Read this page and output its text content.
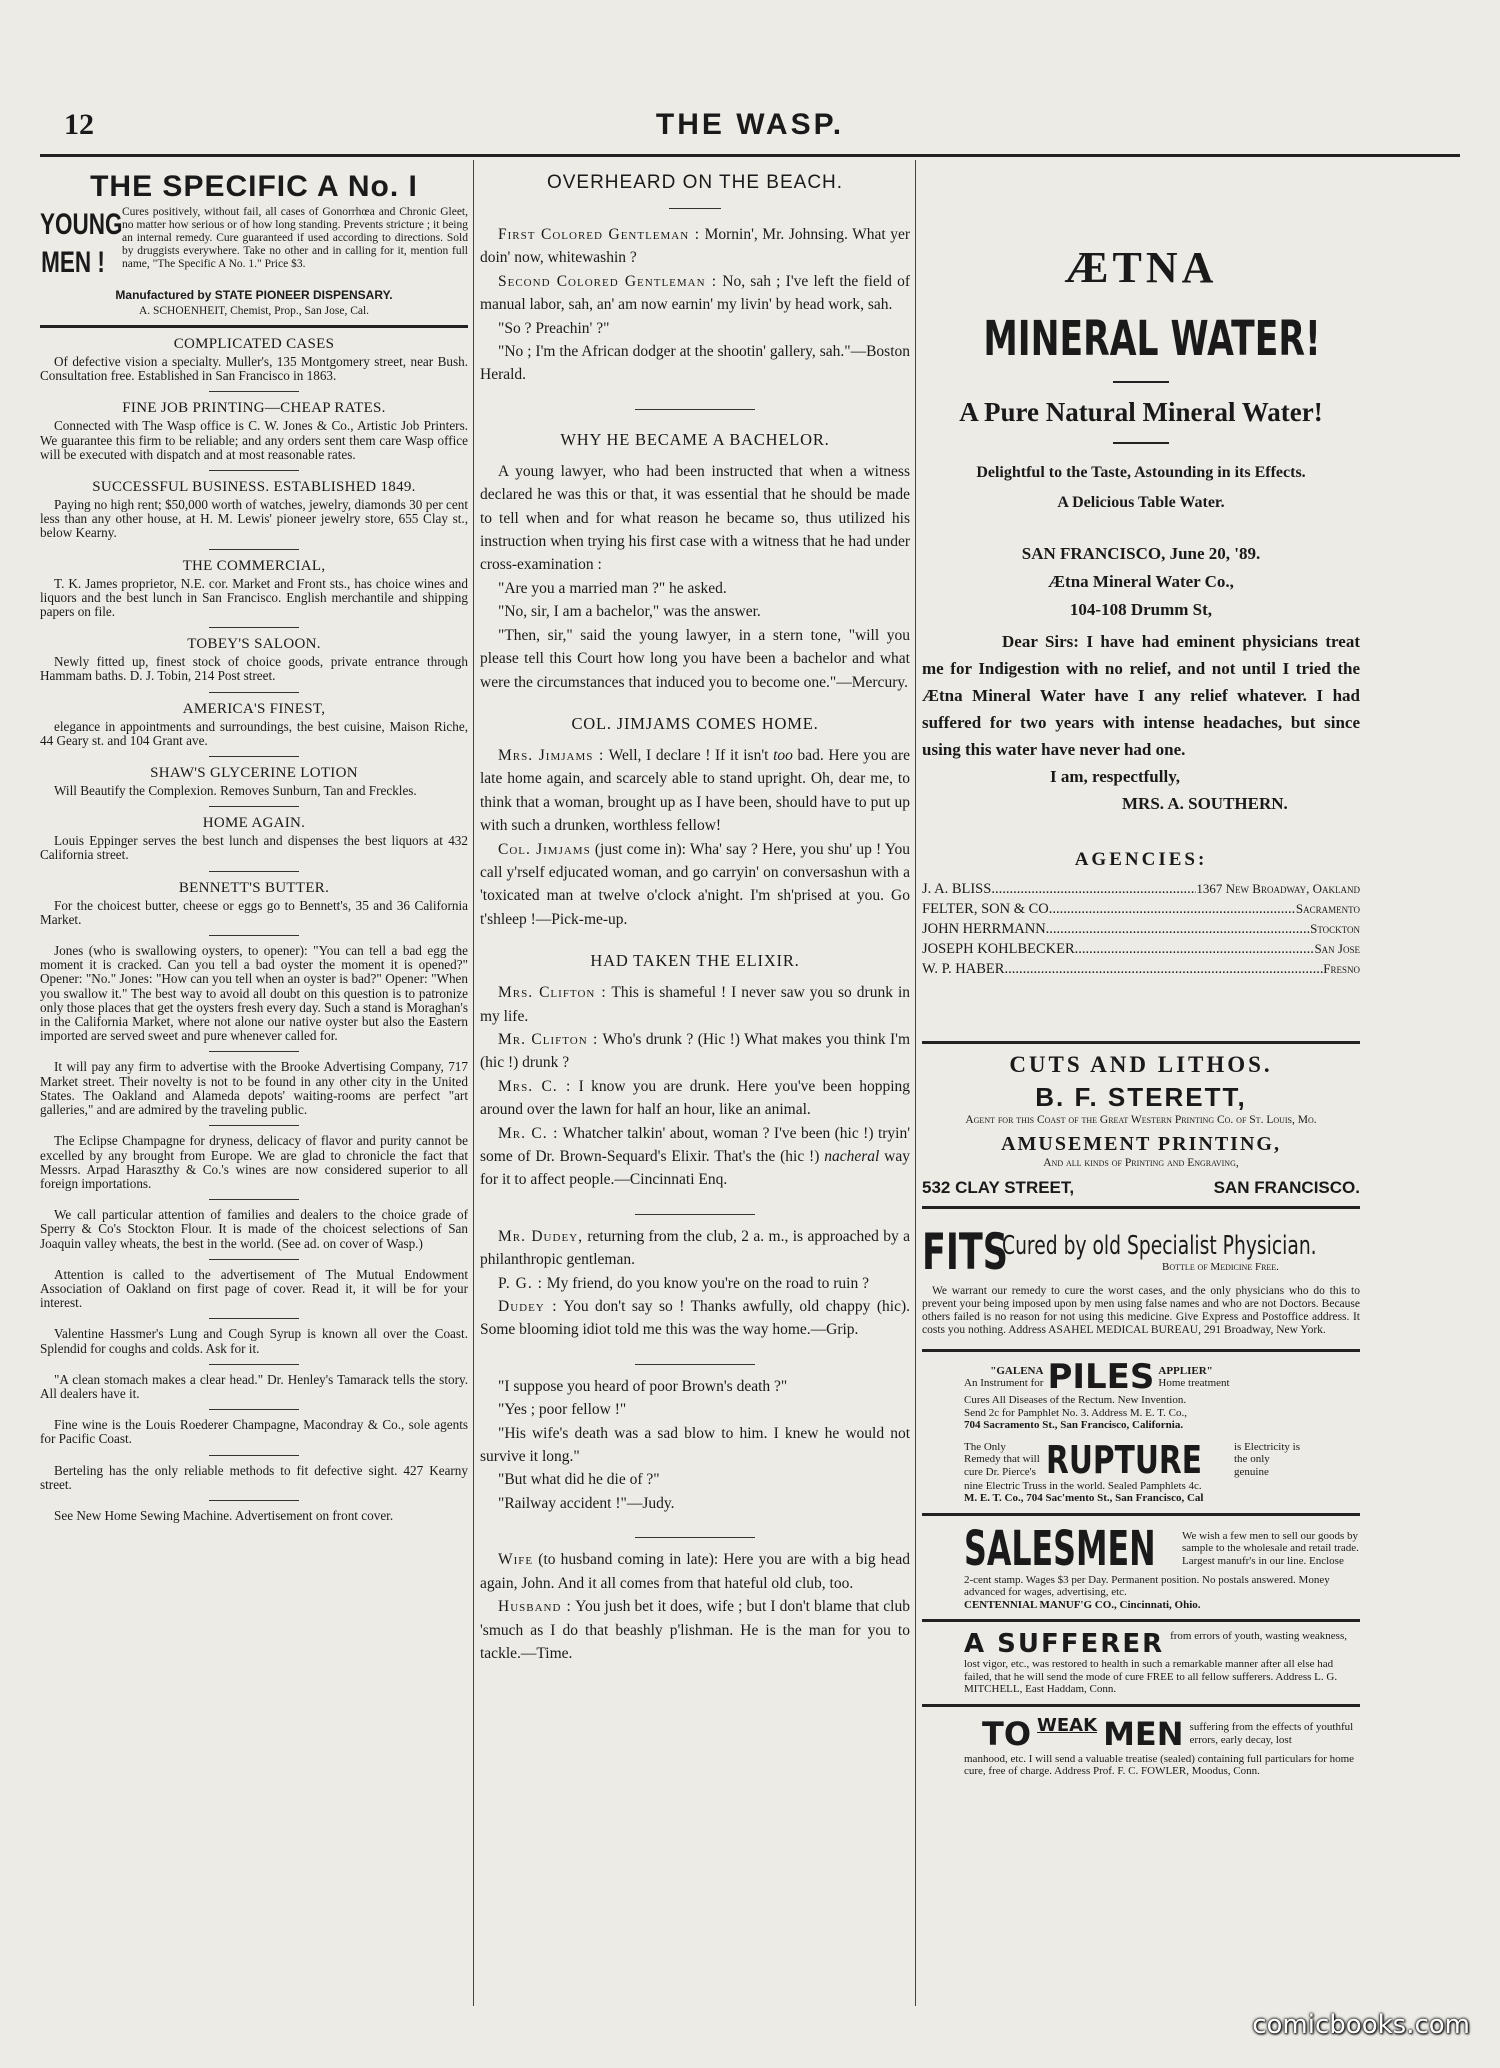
12	THE WASP.
THE SPECIFIC A No. I
YOUNG
MEN !
Cures positively, without fail, all cases of Gonorrhœa and Chronic Gleet, no matter how serious or of how long standing. Prevents stricture ; it being an internal remedy. Cure guaranteed if used according to directions. Sold by druggists everywhere. Take no other and in calling for it, mention full name, "The Specific A No. 1." Price $3.
Manufactured by STATE PIONEER DISPENSARY.
A. SCHOENHEIT, Chemist, Prop., San Jose, Cal.
COMPLICATED CASES
Of defective vision a specialty. Muller's, 135 Montgomery street, near Bush. Consultation free. Established in San Francisco in 1863.
FINE JOB PRINTING—CHEAP RATES.
Connected with The Wasp office is C. W. Jones & Co., Artistic Job Printers. We guarantee this firm to be reliable; and any orders sent them care Wasp office will be executed with dispatch and at most reasonable rates.
SUCCESSFUL BUSINESS. ESTABLISHED 1849.
Paying no high rent; $50,000 worth of watches, jewelry, diamonds 30 per cent less than any other house, at H. M. Lewis' pioneer jewelry store, 655 Clay st., below Kearny.
THE COMMERCIAL,
T. K. James proprietor, N.E. cor. Market and Front sts., has choice wines and liquors and the best lunch in San Francisco. English merchantile and shipping papers on file.
TOBEY'S SALOON.
Newly fitted up, finest stock of choice goods, private entrance through Hammam baths. D. J. Tobin, 214 Post street.
AMERICA'S FINEST,
elegance in appointments and surroundings, the best cuisine, Maison Riche, 44 Geary st. and 104 Grant ave.
SHAW'S GLYCERINE LOTION
Will Beautify the Complexion. Removes Sunburn, Tan and Freckles.
HOME AGAIN.
Louis Eppinger serves the best lunch and dispenses the best liquors at 432 California street.
BENNETT'S BUTTER.
For the choicest butter, cheese or eggs go to Bennett's, 35 and 36 California Market.
Jones (who is swallowing oysters, to opener): "You can tell a bad egg the moment it is cracked. Can you tell a bad oyster the moment it is opened?" Opener: "No." Jones: "How can you tell when an oyster is bad?" Opener: "When you swallow it." The best way to avoid all doubt on this question is to patronize only those places that get the oysters fresh every day. Such a stand is Moraghan's in the California Market, where not alone our native oyster but also the Eastern imported are served sweet and pure whenever called for.
It will pay any firm to advertise with the Brooke Advertising Company, 717 Market street. Their novelty is not to be found in any other city in the United States. The Oakland and Alameda depots' waiting-rooms are perfect "art galleries," and are admired by the traveling public.
The Eclipse Champagne for dryness, delicacy of flavor and purity cannot be excelled by any brought from Europe. We are glad to chronicle the fact that Messrs. Arpad Haraszthy & Co.'s wines are now considered superior to all foreign importations.
We call particular attention of families and dealers to the choice grade of Sperry & Co's Stockton Flour. It is made of the choicest selections of San Joaquin valley wheats, the best in the world. (See ad. on cover of Wasp.)
Attention is called to the advertisement of The Mutual Endowment Association of Oakland on first page of cover. Read it, it will be for your interest.
Valentine Hassmer's Lung and Cough Syrup is known all over the Coast. Splendid for coughs and colds. Ask for it.
"A clean stomach makes a clear head." Dr. Henley's Tamarack tells the story. All dealers have it.
Fine wine is the Louis Roederer Champagne, Macondray & Co., sole agents for Pacific Coast.
Berteling has the only reliable methods to fit defective sight. 427 Kearny street.
See New Home Sewing Machine. Advertisement on front cover.
OVERHEARD ON THE BEACH.

First Colored Gentleman : Mornin', Mr. Johnsing. What yer doin' now, whitewashin ?

Second Colored Gentleman : No, sah ; I've left the field of manual labor, sah, an' am now earnin' my livin' by head work, sah.

"So ? Preachin' ?"

"No ; I'm the African dodger at the shootin' gallery, sah."—Boston Herald.

WHY HE BECAME A BACHELOR.

A young lawyer, who had been instructed that when a witness declared he was this or that, it was essential that he should be made to tell when and for what reason he became so, thus utilized his instruction when trying his first case with a witness that he had under cross-examination :

"Are you a married man ?" he asked.

"No, sir, I am a bachelor," was the answer.

"Then, sir," said the young lawyer, in a stern tone, "will you please tell this Court how long you have been a bachelor and what were the circumstances that induced you to become one."—Mercury.

COL. JIMJAMS COMES HOME.

Mrs. Jimjams : Well, I declare ! If it isn't too bad. Here you are late home again, and scarcely able to stand upright. Oh, dear me, to think that a woman, brought up as I have been, should have to put up with such a drunken, worthless fellow!

Col. Jimjams (just come in): Wha' say ? Here, you shu' up ! You call y'rself edjucated woman, and go carryin' on conversashun with a 'toxicated man at twelve o'clock a'night. I'm sh'prised at you. Go t'shleep !—Pick-me-up.

HAD TAKEN THE ELIXIR.

Mrs. Clifton : This is shameful ! I never saw you so drunk in my life.

Mr. Clifton : Who's drunk ? (Hic !) What makes you think I'm (hic !) drunk ?

Mrs. C. : I know you are drunk. Here you've been hopping around over the lawn for half an hour, like an animal.

Mr. C. : Whatcher talkin' about, woman ? I've been (hic !) tryin' some of Dr. Brown-Sequard's Elixir. That's the (hic !) nacheral way for it to affect people.—Cincinnati Enq.

Mr. Dudey, returning from the club, 2 a. m., is approached by a philanthropic gentleman.

P. G. : My friend, do you know you're on the road to ruin ?

Dudey : You don't say so ! Thanks awfully, old chappy (hic). Some blooming idiot told me this was the way home.—Grip.

"I suppose you heard of poor Brown's death ?"

"Yes ; poor fellow !"

"His wife's death was a sad blow to him. I knew he would not survive it long."

"But what did he die of ?"

"Railway accident !"—Judy.

Wife (to husband coming in late): Here you are with a big head again, John. And it all comes from that hateful old club, too.

Husband : You jush bet it does, wife ; but I don't blame that club 'smuch as I do that beashly p'lishman. He is the man for you to tackle.—Time.

ÆTNA
MINERAL WATER!
A Pure Natural Mineral Water!
Delightful to the Taste, Astounding in its Effects.
A Delicious Table Water.
SAN FRANCISCO, June 20, '89.
Ætna Mineral Water Co.,
104-108 Drumm St,
Dear Sirs: I have had eminent physicians treat me for Indigestion with no relief, and not until I tried the Ætna Mineral Water have I any relief whatever. I had suffered for two years with intense headaches, but since using this water have never had one.
I am, respectfully,
MRS. A. SOUTHERN.
AGENCIES:
J. A. BLISS .....	1367 New Broadway, Oakland
FELTER, SON & CO .....	Sacramento
JOHN HERRMANN .....	Stockton
JOSEPH KOHLBECKER .....	San Jose
W. P. HABER .....	Fresno
CUTS AND LITHOS.
B. F. STERETT,
Agent for this Coast of the Great Western Printing Co. of St. Louis, Mo.
AMUSEMENT PRINTING,
And all kinds of Printing and Engraving,
532 CLAY STREET,	SAN FRANCISCO.
FITS
Cured by old Specialist Physician.
Bottle of Medicine Free.
We warrant our remedy to cure the worst cases, and the only physicians who do this to prevent your being imposed upon by men using false names and who are not Doctors. Because others failed is no reason for not using this medicine. Give Express and Postoffice address. It costs you nothing. Address ASAHEL MEDICAL BUREAU, 291 Broadway, New York.
"GALENA
An Instrument for PILES APPLIER"
Home treatment
Cures All Diseases of the Rectum. New Invention.
Send 2c for Pamphlet No. 3. Address M. E. T. Co.,
704 Sacramento St., San Francisco, California.
The Only Remedy that will cure Dr. Pierce's RUPTURE	is Electricity is the only genuine
nine Electric Truss in the world. Sealed Pamphlets 4c.
M. E. T. Co., 704 Sac'mento St., San Francisco, Cal
SALESMEN We wish a few men to sell our goods by sample to the wholesale and retail trade. Largest manufr's in our line. Enclose
2-cent stamp. Wages $3 per Day. Permanent position. No postals answered. Money advanced for wages, advertising, etc.
CENTENNIAL MANUF'G CO., Cincinnati, Ohio.
A SUFFERER from errors of youth, wasting weakness,
lost vigor, etc., was restored to health in such a remarkable manner after all else had failed, that he will send the mode of cure FREE to all fellow sufferers. Address L. G. MITCHELL, East Haddam, Conn.
TO WEAK MEN suffering from the effects of youthful errors, early decay, lost
manhood, etc. I will send a valuable treatise (sealed) containing full particulars for home cure, free of charge. Address Prof. F. C. FOWLER, Moodus, Conn.
comicbooks.com
